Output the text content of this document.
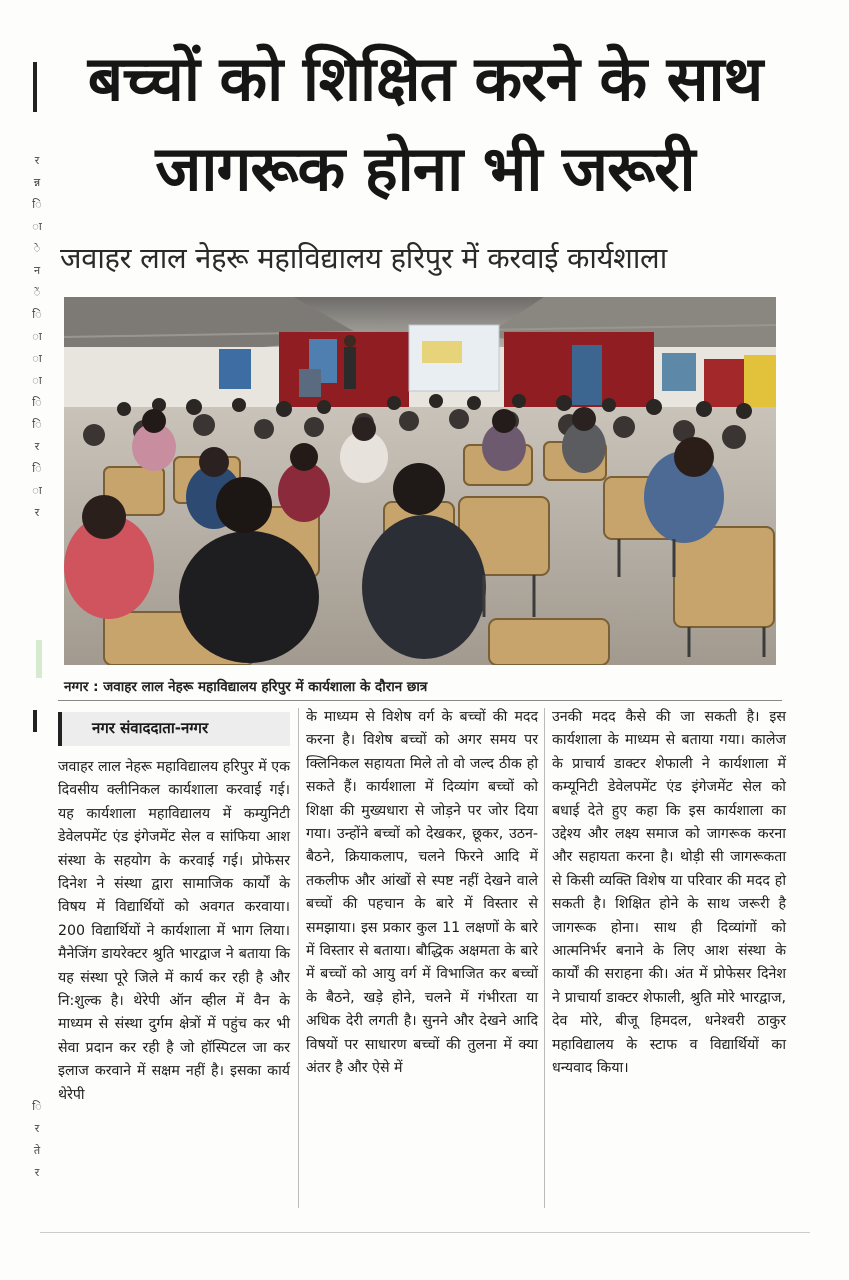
र
न्न
ि
ा
े
न
ें
ि
ा
ा
ा
ि
ि
र
ि
ा
र
ि
र
ते
र
बच्चों को शिक्षित करने के साथ
जागरूक होना भी जरूरी
जवाहर लाल नेहरू महाविद्यालय हरिपुर में करवाई कार्यशाला
नग्गर : जवाहर लाल नेहरू महाविद्यालय हरिपुर में कार्यशाला के दौरान छात्र
नगर संवाददाता-नग्गर
जवाहर लाल नेहरू महाविद्यालय हरिपुर में एक दिवसीय क्लीनिकल कार्यशाला करवाई गई। यह कार्यशाला महाविद्यालय में कम्युनिटी डेवेलपमेंट एंड इंगेजमेंट सेल व सांफिया आश संस्था के सहयोग के करवाई गई। प्रोफेसर दिनेश ने संस्था द्वारा सामाजिक कार्यों के विषय में विद्यार्थियों को अवगत करवाया। 200 विद्यार्थियों ने कार्यशाला में भाग लिया। मैनेजिंग डायरेक्टर श्रुति भारद्वाज ने बताया कि यह संस्था पूरे जिले में कार्य कर रही है और नि:शुल्क है। थेरेपी ऑन व्हील में वैन के माध्यम से संस्था दुर्गम क्षेत्रों में पहुंच कर भी सेवा प्रदान कर रही है जो हॉस्पिटल जा कर इलाज करवाने में सक्षम नहीं है। इसका कार्य थेरेपी
के माध्यम से विशेष वर्ग के बच्चों की मदद करना है। विशेष बच्चों को अगर समय पर क्लिनिकल सहायता मिले तो वो जल्द ठीक हो सकते हैं। कार्यशाला में दिव्यांग बच्चों को शिक्षा की मुख्यधारा से जोड़ने पर जोर दिया गया। उन्होंने बच्चों को देखकर, छूकर, उठन-बैठने, क्रियाकलाप, चलने फिरने आदि में तकलीफ और आंखों से स्पष्ट नहीं देखने वाले बच्चों की पहचान के बारे में विस्तार से समझाया। इस प्रकार कुल 11 लक्षणों के बारे में विस्तार से बताया। बौद्धिक अक्षमता के बारे में बच्चों को आयु वर्ग में विभाजित कर बच्चों के बैठने, खड़े होने, चलने में गंभीरता या अधिक देरी लगती है। सुनने और देखने आदि विषयों पर साधारण बच्चों की तुलना में क्या अंतर है और ऐसे में
उनकी मदद कैसे की जा सकती है। इस कार्यशाला के माध्यम से बताया गया। कालेज के प्राचार्य डाक्टर शेफाली ने कार्यशाला में कम्यूनिटी डेवेलपमेंट एंड इंगेजमेंट सेल को बधाई देते हुए कहा कि इस कार्यशाला का उद्देश्य और लक्ष्य समाज को जागरूक करना और सहायता करना है। थोड़ी सी जागरूकता से किसी व्यक्ति विशेष या परिवार की मदद हो सकती है। शिक्षित होने के साथ जरूरी है जागरूक होना। साथ ही दिव्यांगों को आत्मनिर्भर बनाने के लिए आश संस्था के कार्यों की सराहना की। अंत में प्रोफेसर दिनेश ने प्राचार्या डाक्टर शेफाली, श्रुति मोरे भारद्वाज, देव मोरे, बीजू हिमदल, धनेश्वरी ठाकुर महाविद्यालय के स्टाफ व विद्यार्थियों का धन्यवाद किया।
